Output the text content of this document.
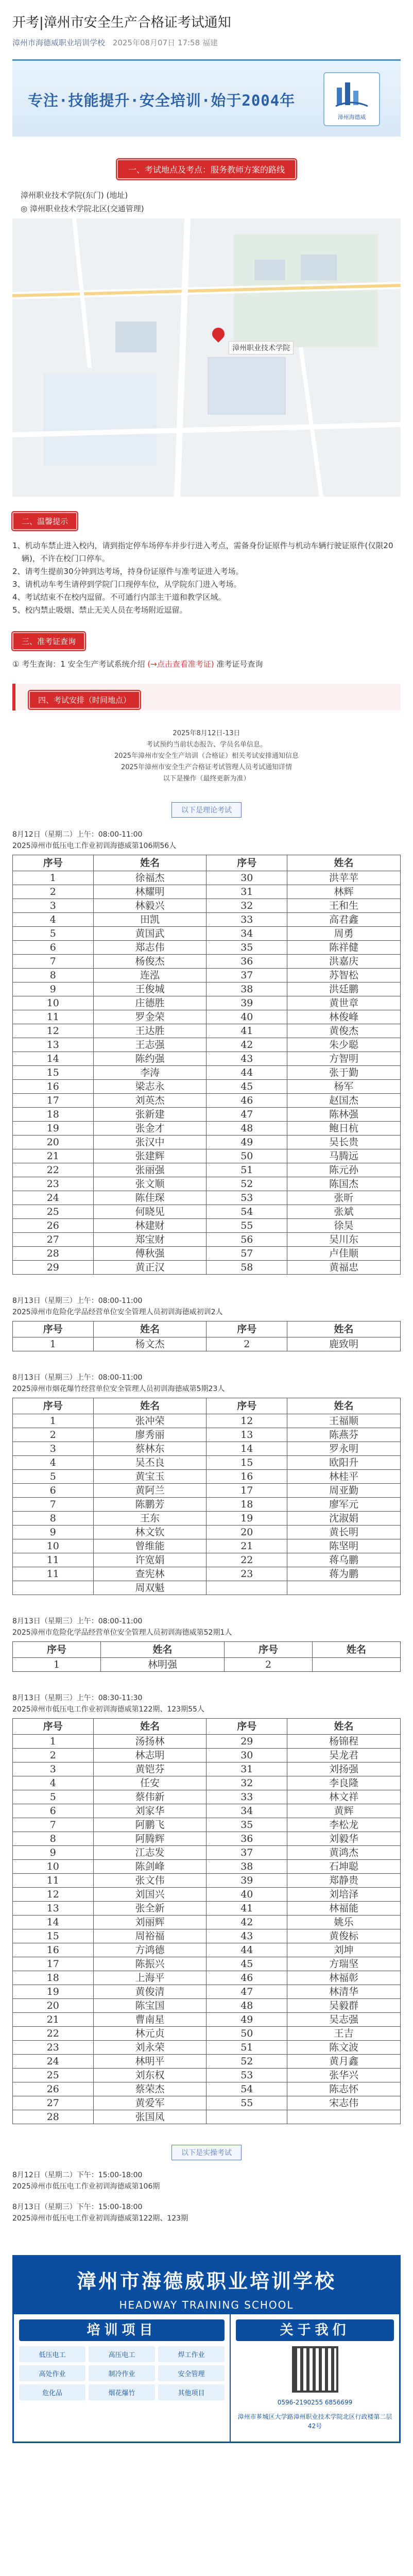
开考|漳州市安全生产合格证考试通知
漳州市海德威职业培训学校 2025年08月07日 17:58 福建
专注·技能提升·安全培训·始于2004年
漳州海德威
一、考试地点及考点：服务教师方案的路线
漳州职业技术学院(东门) (地址)
◎ 漳州职业技术学院北区(交通管理)
漳州职业技术学院
二、温馨提示
1、机动车禁止进入校内，请到指定停车场停车并步行进入考点，需备身份证原件与机动车辆行驶证原件(仅限20辆)，不许在校门口停车。
2、请考生提前30分钟到达考场，持身份证原件与准考证进入考场。
3、请机动车考生请停到学院门口现停车位，从学院东门进入考场。
4、考试结束不在校内逗留。不可通行内部主干道和教学区域。
5、校内禁止吸烟、禁止无关人员在考场附近逗留。
三、准考证查询
① 考生查询：1 安全生产考试系统介绍 (→点击查看准考证) 准考证号查询
四、考试安排（时间地点）
2025年8月12日-13日
考试预约当前状态报告、学员名单信息。
2025年漳州市安全生产培训（合格证）相关考试安排通知信息
2025年漳州市安全生产合格证考试管理人员考试通知详情
以下是操作（最终更新为准）
以下是理论考试
8月12日（星期二）上午：08:00-11:00
2025漳州市低压电工作业初训海德威第106期56人
序号	姓名	序号	姓名
1	徐福杰	30	洪苹苹
2	林耀明	31	林辉
3	林毅兴	32	王和生
4	田凯	33	高君鑫
5	黄国武	34	周勇
6	郑志伟	35	陈祥健
7	杨俊杰	36	洪嘉庆
8	连泓	37	苏智松
9	王俊城	38	洪廷鹏
10	庄德胜	39	黄世章
11	罗金荣	40	林俊峰
12	王达胜	41	黄俊杰
13	王志强	42	朱少聪
14	陈约强	43	方智明
15	李涛	44	张于勤
16	梁志永	45	杨军
17	刘英杰	46	赵国杰
18	张新建	47	陈林强
19	张金才	48	鲍日杭
20	张汉中	49	吴长贵
21	张建辉	50	马腾远
22	张丽强	51	陈元孙
23	张文顺	52	陈国杰
24	陈佳琛	53	张昕
25	何晓见	54	张斌
26	林建财	55	徐昊
27	郑宝财	56	吴川东
28	傅秋强	57	卢佳顺
29	黄正汉	58	黄福忠
8月13日（星期三）上午：08:00-11:00
2025漳州市危险化学品经营单位安全管理人员初训海德威初训2人
序号	姓名	序号	姓名
1	杨文杰	2	鹿致明
8月13日（星期三）上午：08:00-11:00
2025漳州市烟花爆竹经营单位安全管理人员初训海德威第5期23人
序号	姓名	序号	姓名
1	张冲荣	12	王福顺
2	廖秀丽	13	陈燕芬
3	蔡林东	14	罗永明
4	吴丕良	15	欧阳升
5	黄宝玉	16	林桂平
6	黄阿兰	17	周亚勤
7	陈鹏芳	18	廖军元
8	王东	19	沈淑娟
9	林文钦	20	黄长明
10	曾维能	21	陈坚明
11	许宽娟	22	蒋乌鹏
11	查宪林	23	蒋为鹏
	周双魁		
8月13日（星期三）上午：08:00-11:00
2025漳州市危险化学品经营单位安全管理人员初训海德威第52期1人
序号	姓名	序号	姓名
1	林明强	2	
8月13日（星期三）上午：08:30-11:30
2025漳州市低压电工作业初训海德威第122期、123期55人
序号	姓名	序号	姓名
1	汤扬林	29	杨锦程
2	林志明	30	吴龙君
3	黄铠芬	31	刘扬强
4	任安	32	李良隆
5	蔡伟新	33	林文祥
6	刘家华	34	黄辉
7	阿鹏飞	35	李松龙
8	阿腾辉	36	刘毅华
9	江志发	37	黄鸿杰
10	陈剑峰	38	石坤聪
11	张文伟	39	郑静贵
12	刘国兴	40	刘培泽
13	张全新	41	林福能
14	刘丽辉	42	姚乐
15	周裕福	43	黄俊标
16	方鸿德	44	刘坤
17	陈振兴	45	方瑞坚
18	上海平	46	林福彰
19	黄俊清	47	林清华
20	陈宝国	48	吴毅群
21	曹南星	49	吴志强
22	林元贞	50	王吉
23	刘永荣	51	陈文波
24	林明平	52	黄月鑫
25	刘东权	53	张华兴
26	蔡荣杰	54	陈志怀
27	黄爱军	55	宋志伟
28	张国凤		
以下是实操考试
8月12日（星期二）下午：15:00-18:00
2025漳州市低压电工作业初训海德威第106期
8月13日（星期三）下午：15:00-18:00
2025漳州市低压电工作业初训海德威第122期、123期
漳州市海德威职业培训学校
HEADWAY TRAINING SCHOOL
培训项目
低压电工	高压电工	焊工作业
高处作业	制冷作业	安全管理
危化品	烟花爆竹	其他项目
关于我们
0596-2190255 6856699
漳州市芗城区大学路漳州职业技术学院北区行政楼第二层42号
